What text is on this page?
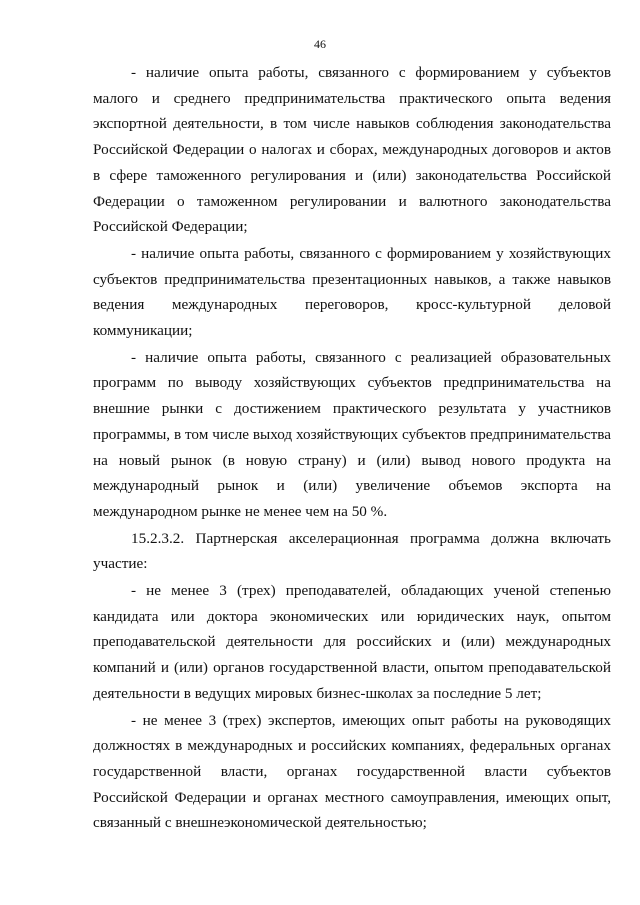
46

- наличие опыта работы, связанного с формированием у субъектов малого и среднего предпринимательства практического опыта ведения экспортной деятельности, в том числе навыков соблюдения законодательства Российской Федерации о налогах и сборах, международных договоров и актов в сфере таможенного регулирования и (или) законодательства Российской Федерации о таможенном регулировании и валютного законодательства Российской Федерации;

- наличие опыта работы, связанного с формированием у хозяйствующих субъектов предпринимательства презентационных навыков, а также навыков ведения международных переговоров, кросс-культурной деловой коммуникации;

- наличие опыта работы, связанного с реализацией образовательных программ по выводу хозяйствующих субъектов предпринимательства на внешние рынки с достижением практического результата у участников программы, в том числе выход хозяйствующих субъектов предпринимательства на новый рынок (в новую страну) и (или) вывод нового продукта на международный рынок и (или) увеличение объемов экспорта на международном рынке не менее чем на 50 %.

15.2.3.2. Партнерская акселерационная программа должна включать участие:

- не менее 3 (трех) преподавателей, обладающих ученой степенью кандидата или доктора экономических или юридических наук, опытом преподавательской деятельности для российских и (или) международных компаний и (или) органов государственной власти, опытом преподавательской деятельности в ведущих мировых бизнес-школах за последние 5 лет;

- не менее 3 (трех) экспертов, имеющих опыт работы на руководящих должностях в международных и российских компаниях, федеральных органах государственной власти, органах государственной власти субъектов Российской Федерации и органах местного самоуправления, имеющих опыт, связанный с внешнеэкономической деятельностью;
